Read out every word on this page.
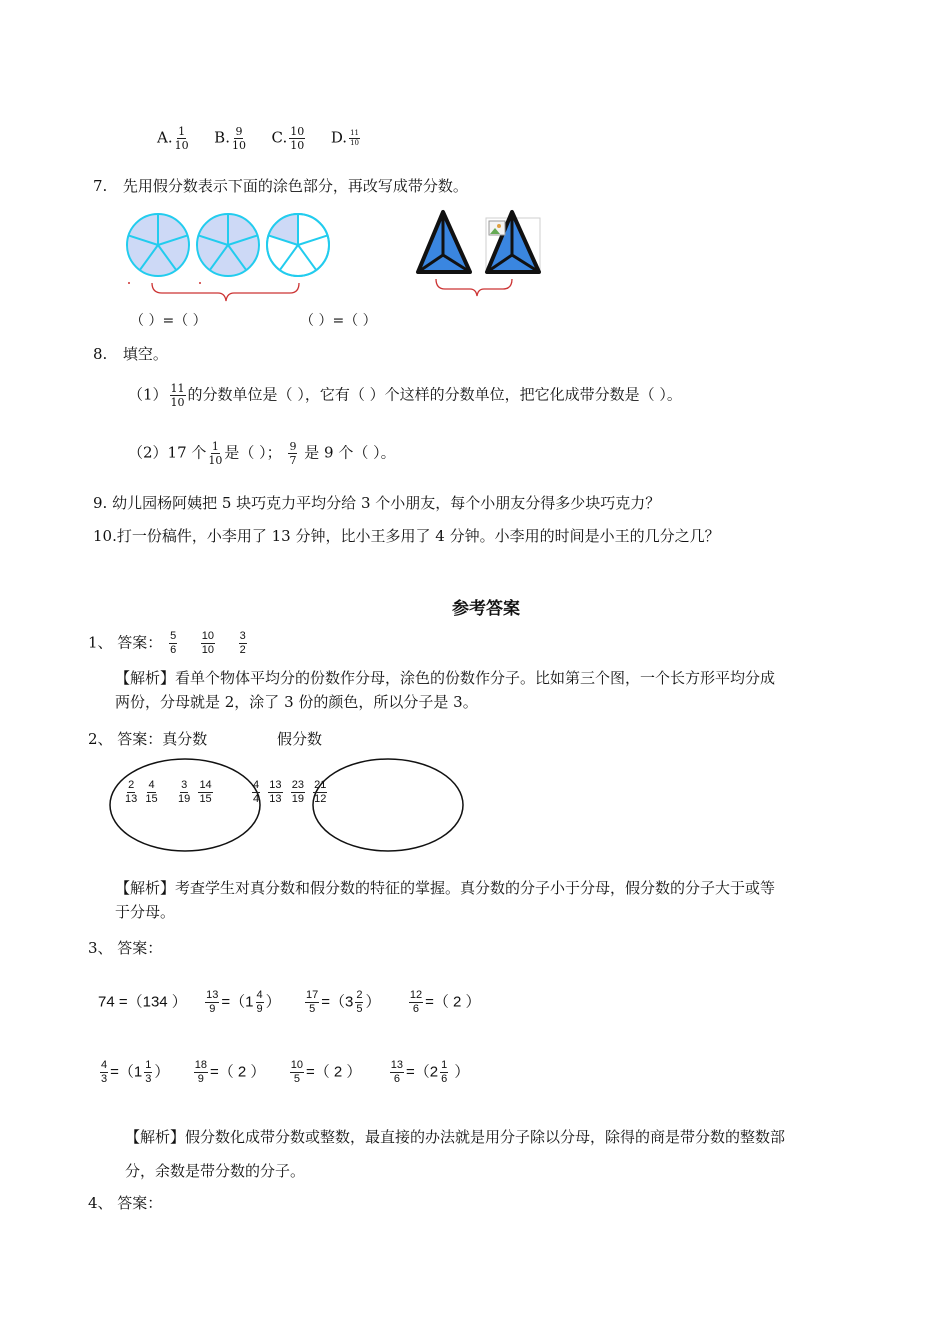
A. $\frac{1}{10} B$. $\frac{9}{10} C$. $\frac{10}{10} D$. $\frac{11}{10}$
7. 先用假分数表示下面的涂色部分，再改写成带分数。
（ ）=（ ）	（ ）=（ ）
8. 填空。
$(1) \frac{11}{10}$ 的分数单位是（ ），它有（ ）个这样的分数单位，把它化成带分数是（ ）。
（2）17 个 $\frac{1}{10}$ 是（ ）； $\frac{9}{7}$ 是 9 个（ ）。
9. 幼儿园杨阿姨把 5 块巧克力平均分给 3 个小朋友，每个小朋友分得多少块巧克力？
10.打一份稿件，小李用了 13 分钟，比小王多用了 4 分钟。小李用的时间是小王的几分之几？
参考答案
1、 答案： $\frac{5}{6}$
$\frac{10}{10}$
$\frac{3}{2}$
【解析】看单个物体平均分的份数作分母，涂色的份数作分子。比如第三个图，一个长方形平均分成
两份，分母就是 2，涂了 3 份的颜色，所以分子是 3。
2、 答案：真分数	假分数
$\frac{2}{13}$
$\frac{4}{15}$
$\frac{3}{19}$
$\frac{14}{15}$	$\frac{4}{4}$
$\frac{13}{13}$
$\frac{23}{19}$
$\frac{21}{12}$
【解析】考查学生对真分数和假分数的特征的掌握。真分数的分子小于分母，假分数的分子大于或等
于分母。
3、 答案：
74 =（134 ） $\frac{13}{9} =(1 \frac{4}{9}$ ） $\frac{17}{5} =(3 \frac{2}{5}$ ）	$\frac{12}{6}$ =（ 2 ）
$\frac{4}{3} =(1 \frac{1}{3}$ ） $\frac{18}{9}$ =（ 2 ） $\frac{10}{5}$ =（ 2 ）	$\frac{13}{6} =(2 \frac{1}{6}$ ）
【解析】假分数化成带分数或整数，最直接的办法就是用分子除以分母，除得的商是带分数的整数部
分，余数是带分数的分子。
4、 答案：
